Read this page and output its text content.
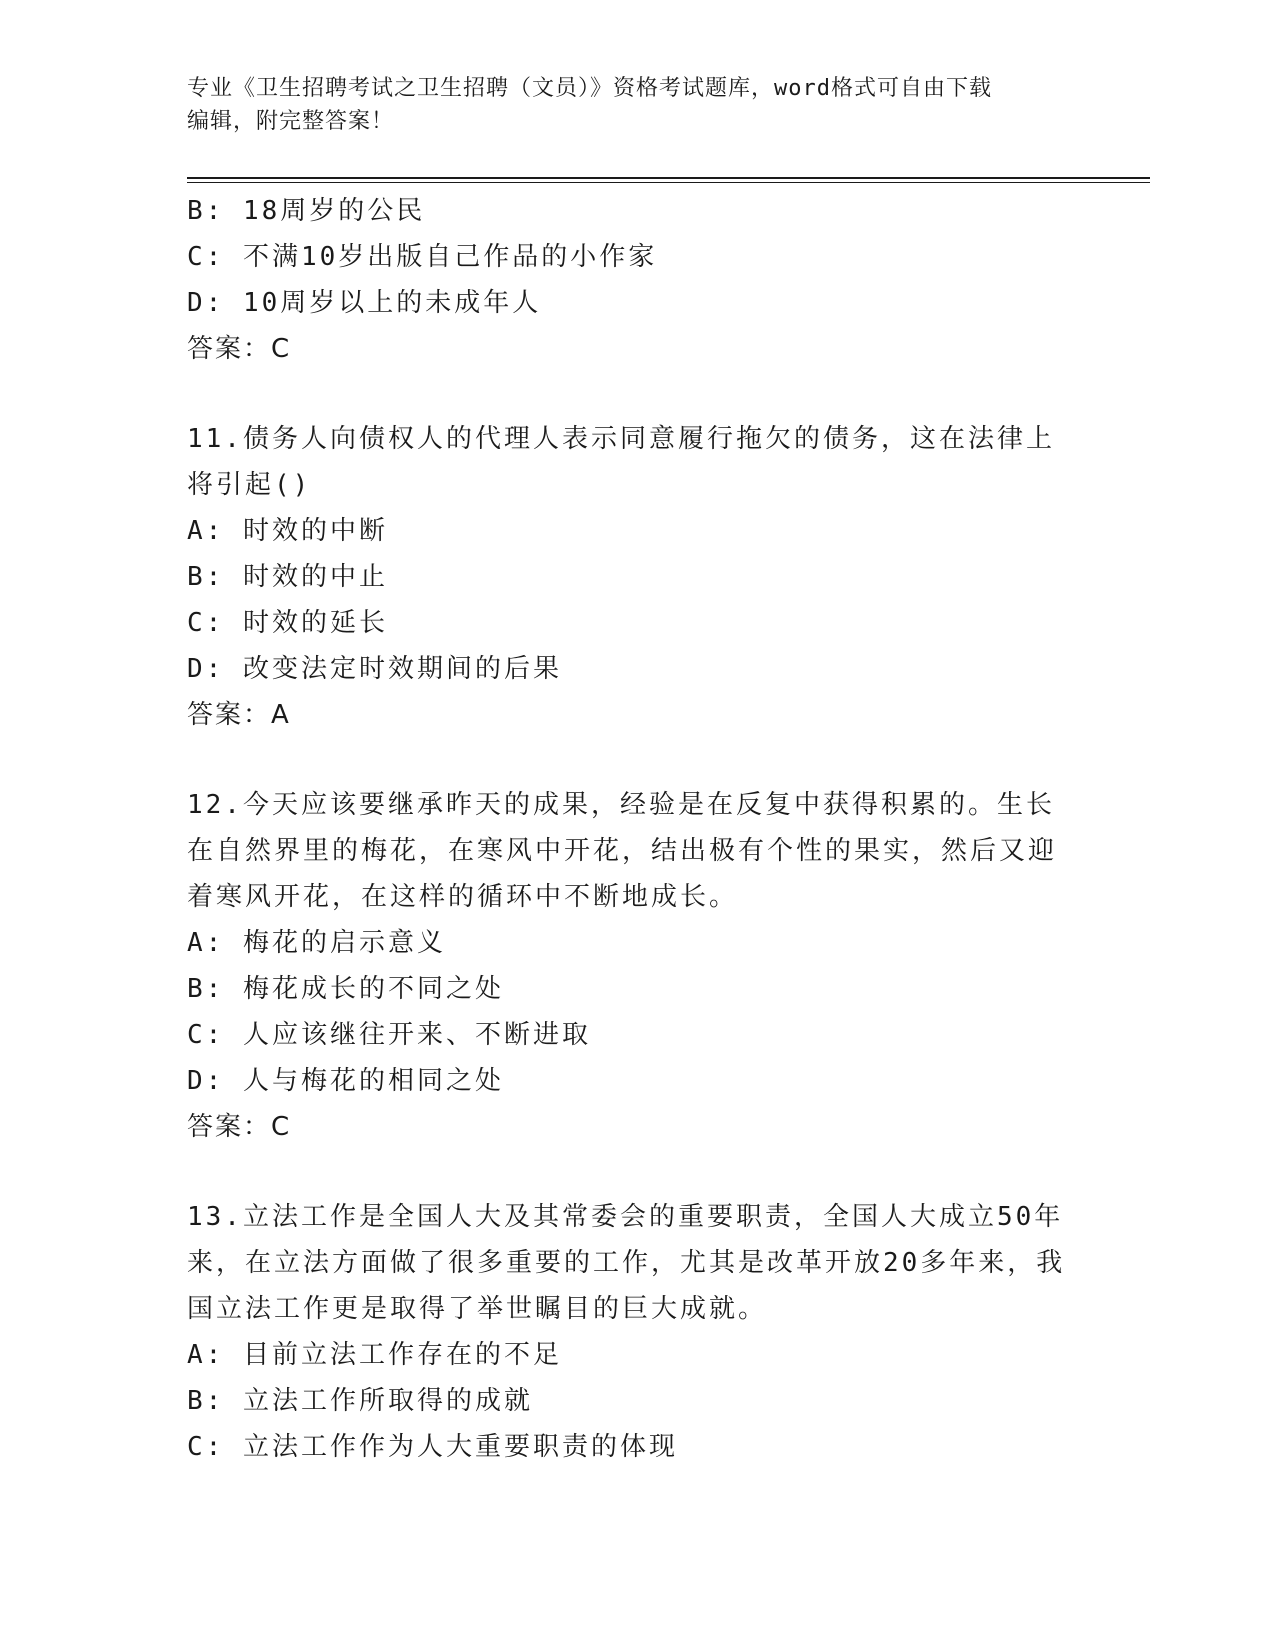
专业《卫生招聘考试之卫生招聘（文员）》资格考试题库，word格式可自由下载
编辑，附完整答案！
B: 18周岁的公民
C: 不满10岁出版自己作品的小作家
D: 10周岁以上的未成年人
答案：C
11.债务人向债权人的代理人表示同意履行拖欠的债务，这在法律上将引起()
A: 时效的中断
B: 时效的中止
C: 时效的延长
D: 改变法定时效期间的后果
答案：A
12.今天应该要继承昨天的成果，经验是在反复中获得积累的。生长在自然界里的梅花，在寒风中开花，结出极有个性的果实，然后又迎着寒风开花，在这样的循环中不断地成长。
A: 梅花的启示意义
B: 梅花成长的不同之处
C: 人应该继往开来、不断进取
D: 人与梅花的相同之处
答案：C
13.立法工作是全国人大及其常委会的重要职责，全国人大成立50年来，在立法方面做了很多重要的工作，尤其是改革开放20多年来，我国立法工作更是取得了举世瞩目的巨大成就。
A: 目前立法工作存在的不足
B: 立法工作所取得的成就
C: 立法工作作为人大重要职责的体现
